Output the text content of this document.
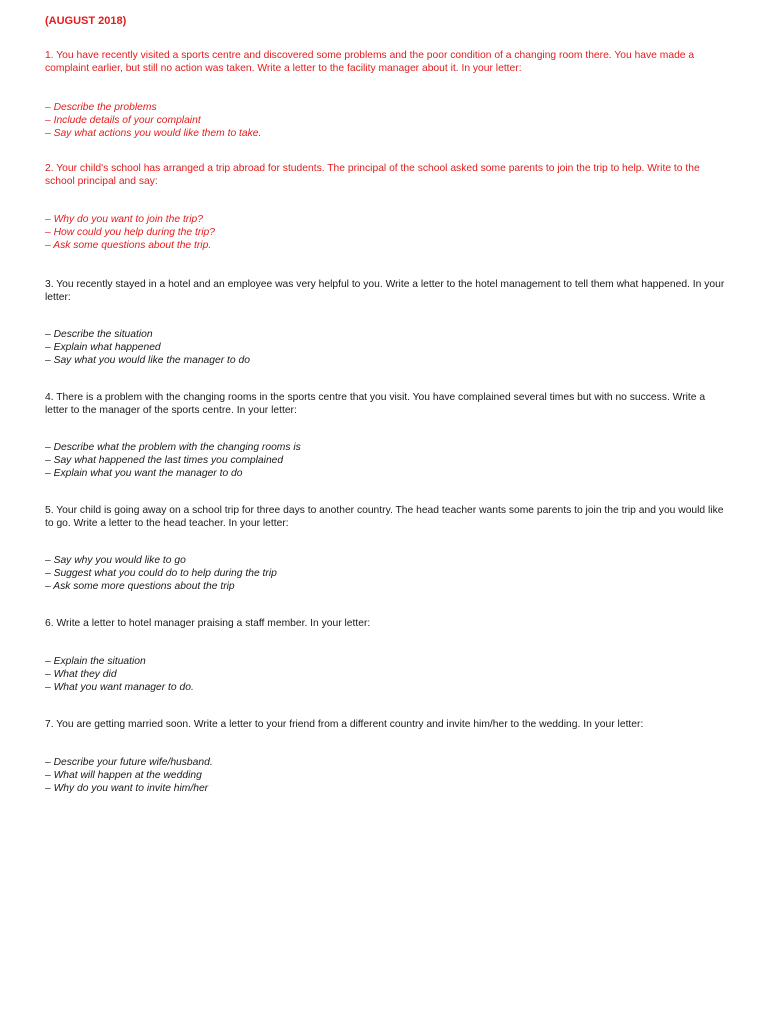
(AUGUST 2018)

1. You have recently visited a sports centre and discovered some problems and the poor condition of a changing room there. You have made a complaint earlier, but still no action was taken. Write a letter to the facility manager about it. In your letter:

– Describe the problems
– Include details of your complaint
– Say what actions you would like them to take.

2. Your child's school has arranged a trip abroad for students. The principal of the school asked some parents to join the trip to help. Write to the school principal and say:

– Why do you want to join the trip?
– How could you help during the trip?
– Ask some questions about the trip.

3. You recently stayed in a hotel and an employee was very helpful to you. Write a letter to the hotel management to tell them what happened. In your letter:

– Describe the situation
– Explain what happened
– Say what you would like the manager to do

4. There is a problem with the changing rooms in the sports centre that you visit. You have complained several times but with no success. Write a letter to the manager of the sports centre. In your letter:

– Describe what the problem with the changing rooms is
– Say what happened the last times you complained
– Explain what you want the manager to do

5. Your child is going away on a school trip for three days to another country. The head teacher wants some parents to join the trip and you would like to go. Write a letter to the head teacher. In your letter:

– Say why you would like to go
– Suggest what you could do to help during the trip
– Ask some more questions about the trip

6. Write a letter to hotel manager praising a staff member. In your letter:

– Explain the situation
– What they did
– What you want manager to do.

7. You are getting married soon. Write a letter to your friend from a different country and invite him/her to the wedding. In your letter:

– Describe your future wife/husband.
– What will happen at the wedding
– Why do you want to invite him/her
